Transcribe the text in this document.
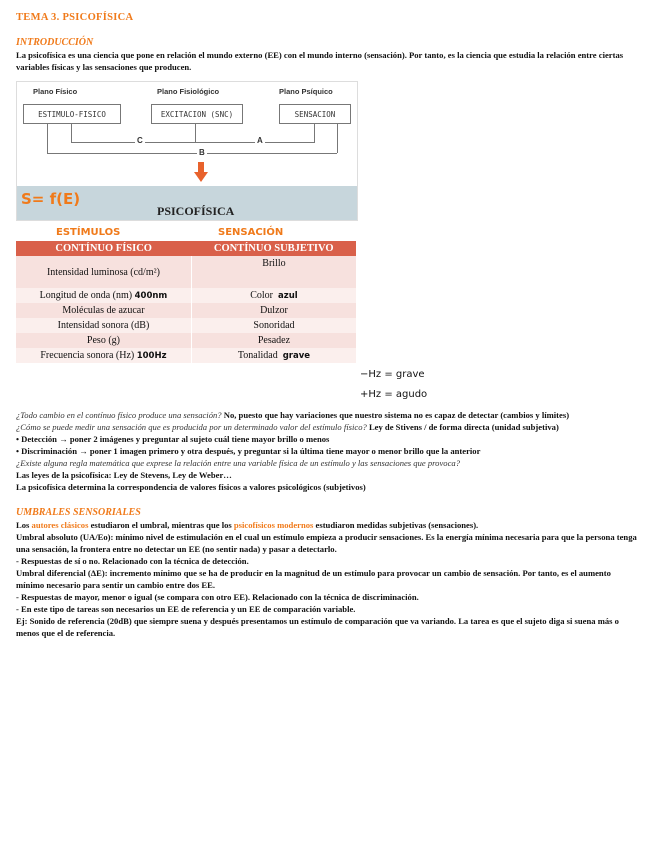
TEMA 3. PSICOFÍSICA
INTRODUCCIÓN

La psicofísica es una ciencia que pone en relación el mundo externo (EE) con el mundo interno (sensación). Por tanto, es la ciencia que estudia la relación entre ciertas variables físicas y las sensaciones que producen.

Plano Físico	Plano Fisiológico	Plano Psíquico
ESTIMULO-FISICO	EXCITACION (SNC)	SENSACION
C	A
B
S= f(E)
PSICOFÍSICA
ESTÍMULOS	SENSACIÓN
CONTÍNUO FÍSICO	CONTÍNUO SUBJETIVO
Intensidad luminosa (cd/m²)	Brillo
Longitud de onda (nm) 400nm	Color azul
Moléculas de azucar	Dulzor
Intensidad sonora (dB)	Sonoridad
Peso (g)	Pesadez
Frecuencia sonora (Hz) 100Hz	Tonalidad grave
−Hz = grave
+Hz = agudo

¿Todo cambio en el contínuo físico produce una sensación? No, puesto que hay variaciones que nuestro sistema no es capaz de detectar (cambios y límites)

¿Cómo se puede medir una sensación que es producida por un determinado valor del estímulo físico? Ley de Stivens / de forma directa (unidad subjetiva)

• Detección → poner 2 imágenes y preguntar al sujeto cuál tiene mayor brillo o menos

• Discriminación → poner 1 imagen primero y otra después, y preguntar si la última tiene mayor o menor brillo que la anterior

¿Existe alguna regla matemática que exprese la relación entre una variable física de un estímulo y las sensaciones que provoca?

Las leyes de la psicofísica: Ley de Stevens, Ley de Weber…

La psicofísica determina la correspondencia de valores físicos a valores psicológicos (subjetivos)

UMBRALES SENSORIALES

Los autores clásicos estudiaron el umbral, mientras que los psicofísicos modernos estudiaron medidas subjetivas (sensaciones).

Umbral absoluto (UA/Eo): mínimo nivel de estimulación en el cual un estímulo empieza a producir sensaciones. Es la energía mínima necesaria para que la persona tenga una sensación, la frontera entre no detectar un EE (no sentir nada) y pasar a detectarlo.

- Respuestas de sí o no. Relacionado con la técnica de detección.

Umbral diferencial (ΔE): incremento mínimo que se ha de producir en la magnitud de un estímulo para provocar un cambio de sensación. Por tanto, es el aumento mínimo necesario para sentir un cambio entre dos EE.

- Respuestas de mayor, menor o igual (se compara con otro EE). Relacionado con la técnica de discriminación.

- En este tipo de tareas son necesarios un EE de referencia y un EE de comparación variable.

Ej: Sonido de referencia (20dB) que siempre suena y después presentamos un estímulo de comparación que va variando. La tarea es que el sujeto diga si suena más o menos que el de referencia.
